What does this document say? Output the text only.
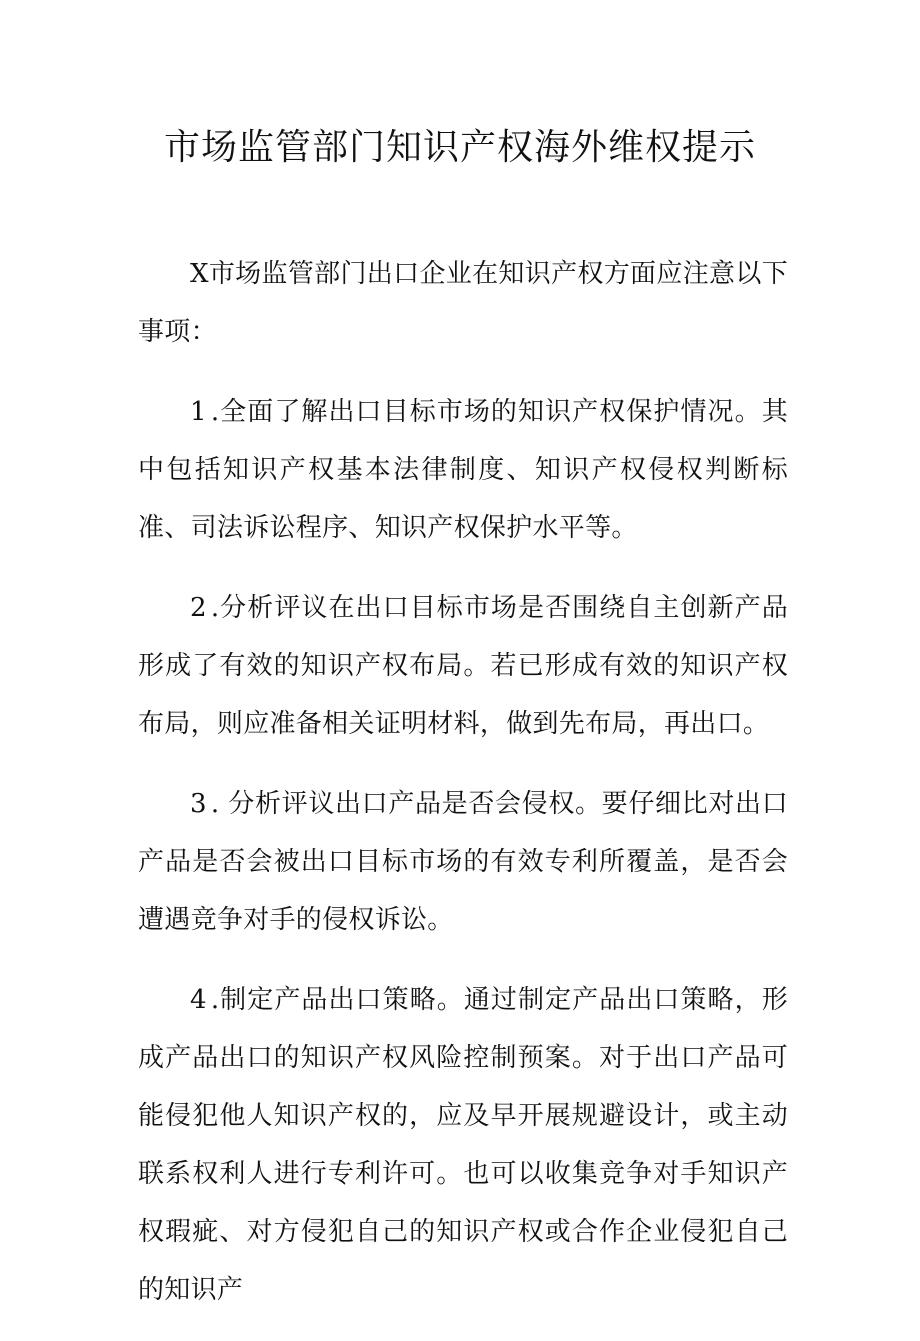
市场监管部门知识产权海外维权提示

X市场监管部门出口企业在知识产权方面应注意以下事项：

1 .全面了解出口目标市场的知识产权保护情况。其中包括知识产权基本法律制度、知识产权侵权判断标准、司法诉讼程序、知识产权保护水平等。

2 .分析评议在出口目标市场是否围绕自主创新产品形成了有效的知识产权布局。若已形成有效的知识产权布局，则应准备相关证明材料，做到先布局，再出口。

3 . 分析评议出口产品是否会侵权。要仔细比对出口产品是否会被出口目标市场的有效专利所覆盖，是否会遭遇竞争对手的侵权诉讼。

4 .制定产品出口策略。通过制定产品出口策略，形成产品出口的知识产权风险控制预案。对于出口产品可能侵犯他人知识产权的，应及早开展规避设计，或主动联系权利人进行专利许可。也可以收集竞争对手知识产权瑕疵、对方侵犯自己的知识产权或合作企业侵犯自己的知识产
